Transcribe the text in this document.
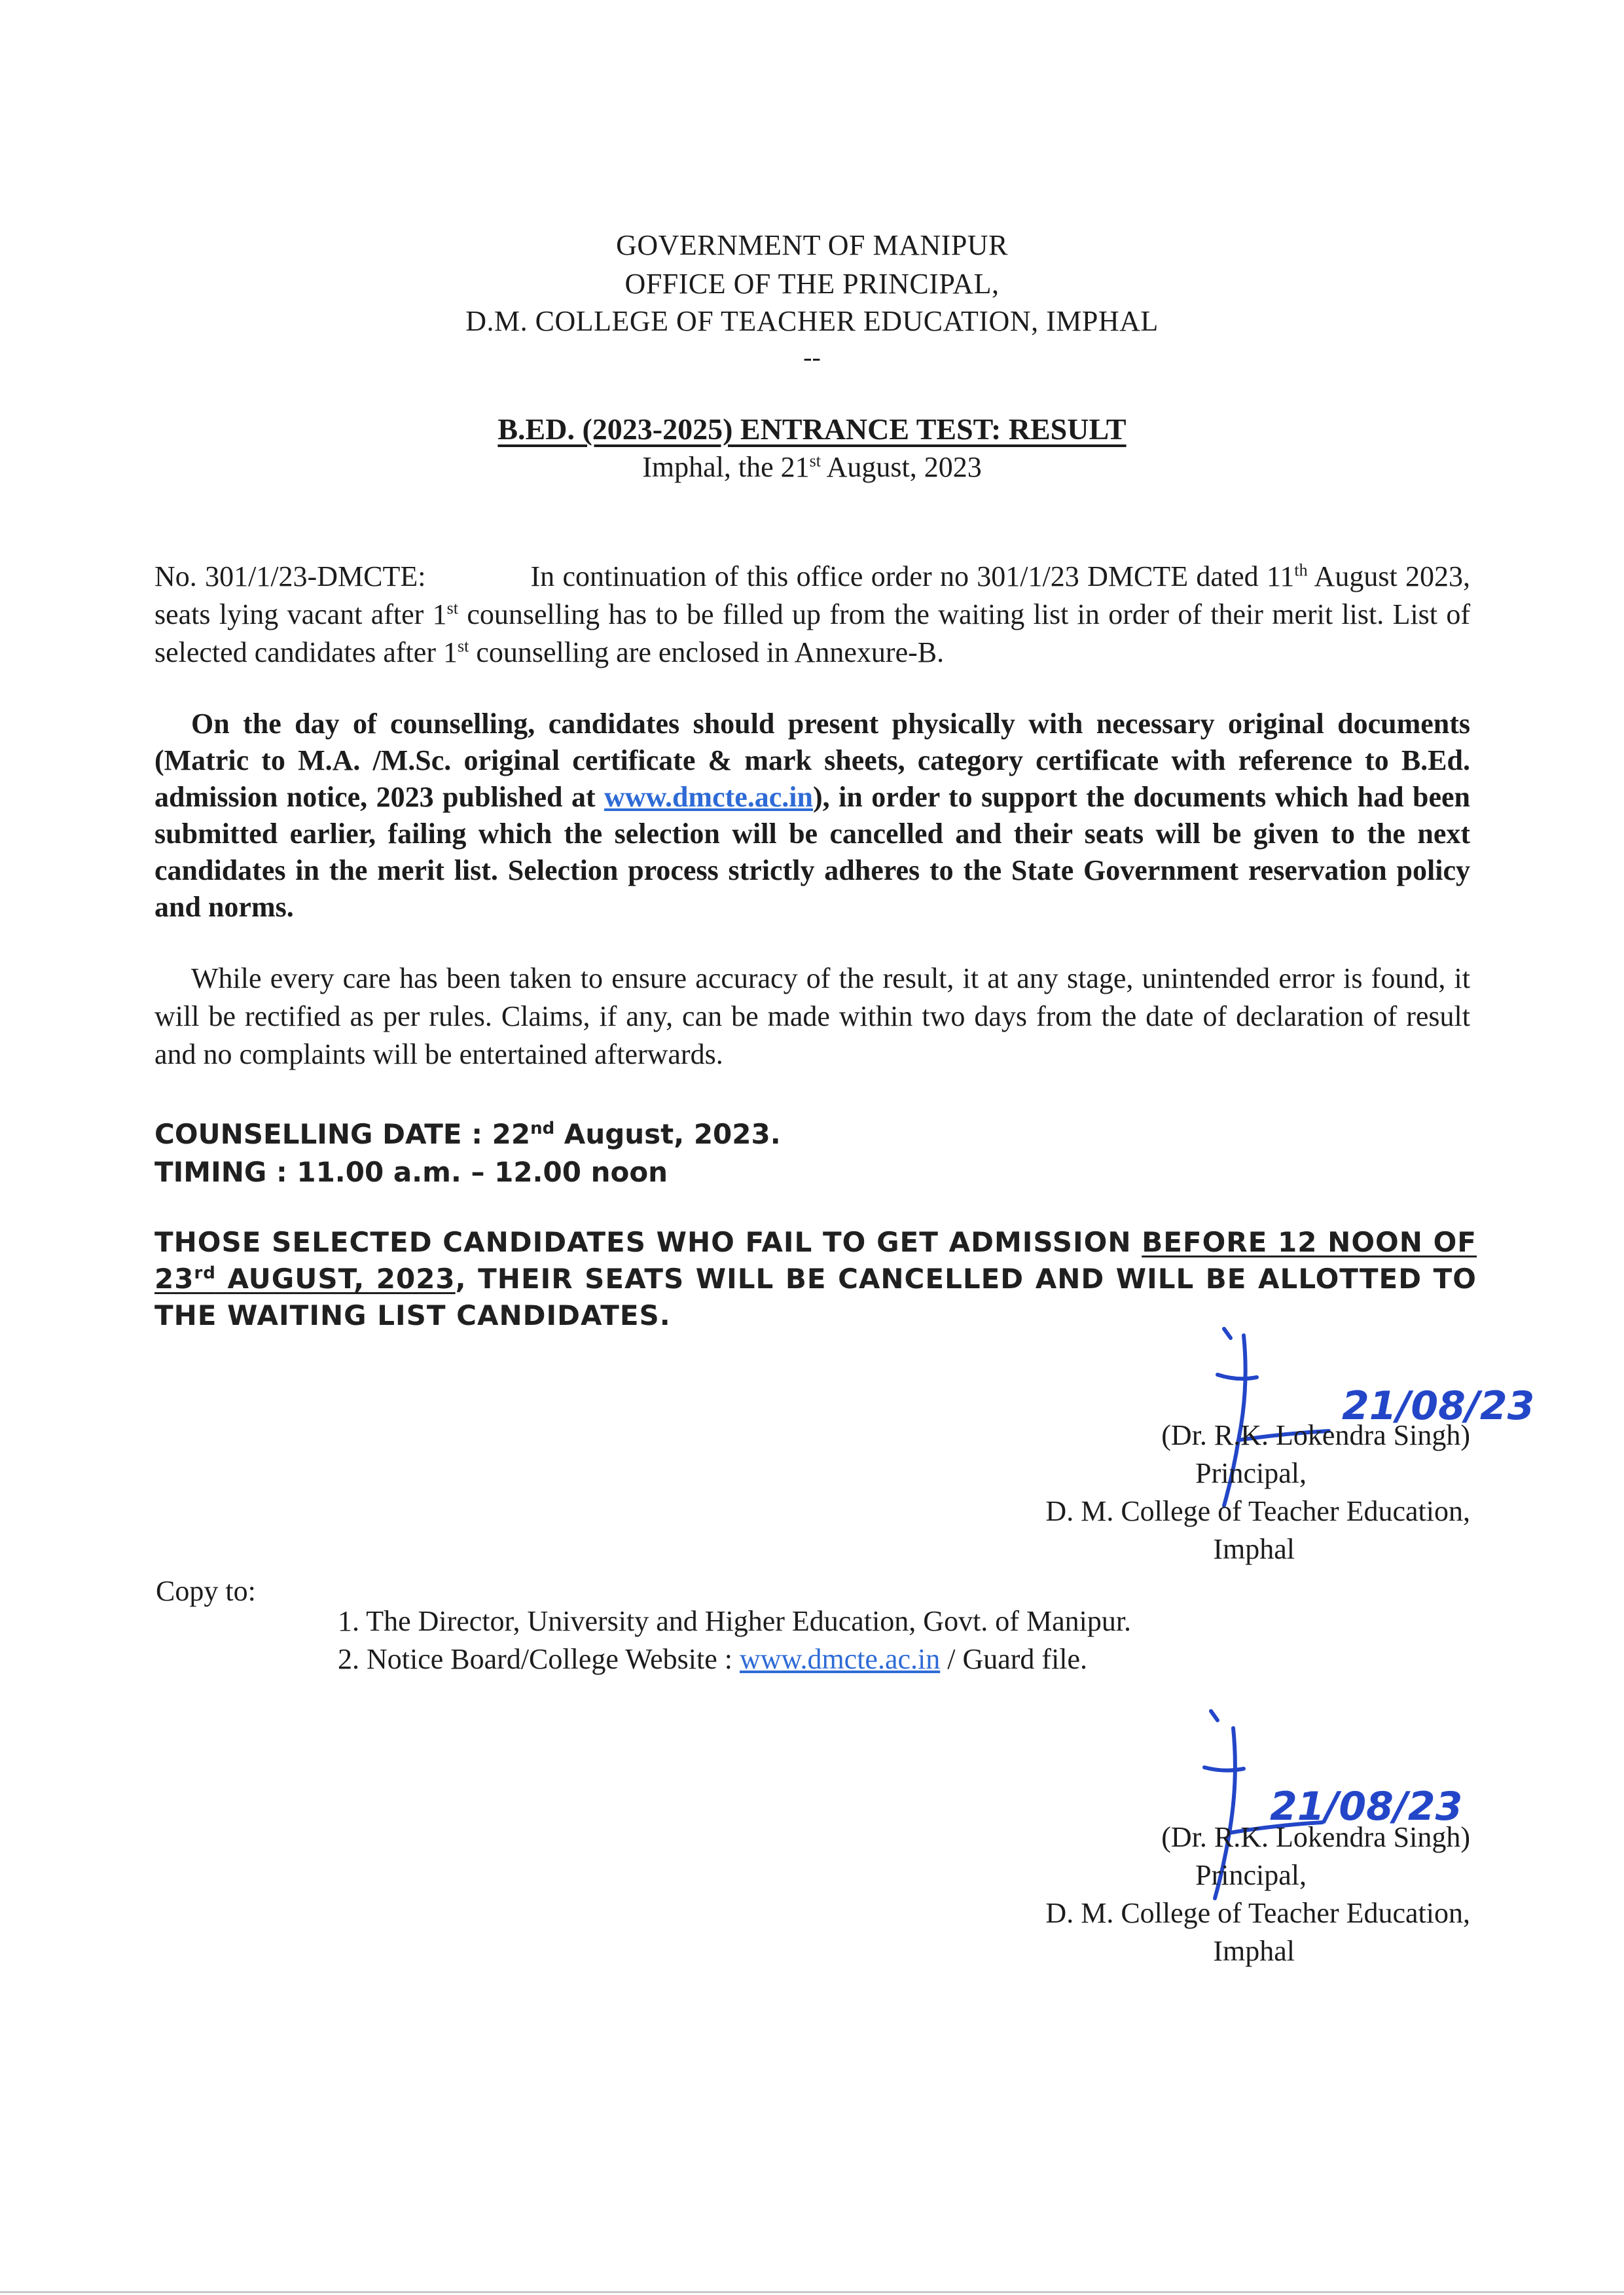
GOVERNMENT OF MANIPUR
OFFICE OF THE PRINCIPAL,
D.M. COLLEGE OF TEACHER EDUCATION, IMPHAL
--
B.ED. (2023-2025) ENTRANCE TEST: RESULT
Imphal, the 21st August, 2023
No. 301/1/23-DMCTE:	In continuation of this office order no 301/1/23 DMCTE dated 11th August 2023, seats lying vacant after 1st counselling has to be filled up from the waiting list in order of their merit list. List of selected candidates after 1st counselling are enclosed in Annexure-B.
On the day of counselling, candidates should present physically with necessary original documents (Matric to M.A. /M.Sc. original certificate & mark sheets, category certificate with reference to B.Ed. admission notice, 2023 published at www.dmcte.ac.in), in order to support the documents which had been submitted earlier, failing which the selection will be cancelled and their seats will be given to the next candidates in the merit list. Selection process strictly adheres to the State Government reservation policy and norms.
While every care has been taken to ensure accuracy of the result, it at any stage, unintended error is found, it will be rectified as per rules. Claims, if any, can be made within two days from the date of declaration of result and no complaints will be entertained afterwards.
COUNSELLING DATE : 22nd August, 2023.
TIMING : 11.00 a.m. – 12.00 noon
THOSE SELECTED CANDIDATES WHO FAIL TO GET ADMISSION BEFORE 12 NOON OF 23rd AUGUST, 2023, THEIR SEATS WILL BE CANCELLED AND WILL BE ALLOTTED TO THE WAITING LIST CANDIDATES.
21/08/23
(Dr. R.K. Lokendra Singh)
Principal,
D. M. College of Teacher Education,
Imphal
Copy to:
1. The Director, University and Higher Education, Govt. of Manipur.
2. Notice Board/College Website : www.dmcte.ac.in / Guard file.
21/08/23
(Dr. R.K. Lokendra Singh)
Principal,
D. M. College of Teacher Education,
Imphal
